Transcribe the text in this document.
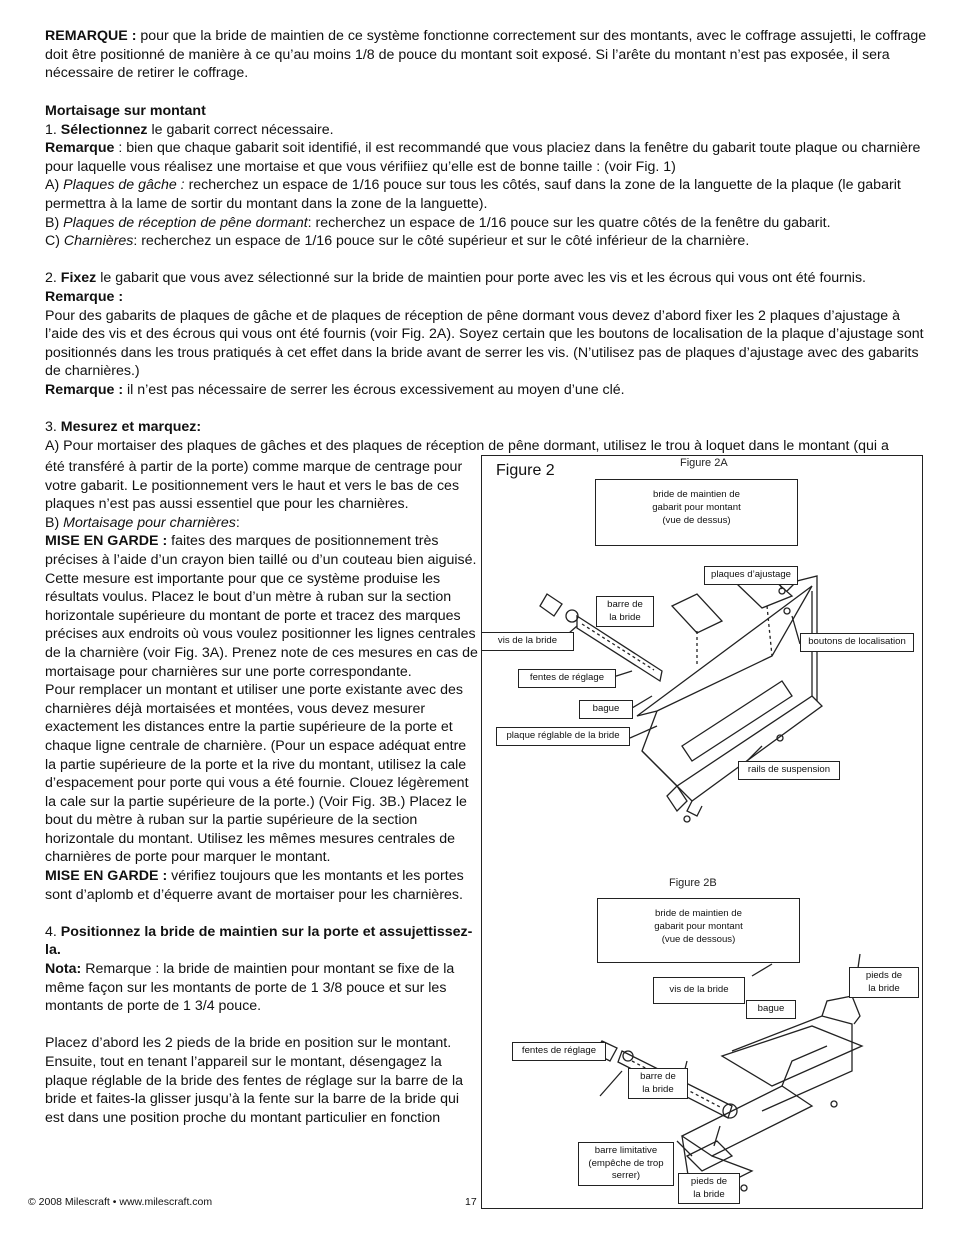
REMARQUE : pour que la bride de maintien de ce système fonctionne correctement sur des montants, avec le coffrage assujetti, le coffrage doit être positionné de manière à ce qu’au moins 1/8 de pouce du montant soit exposé. Si l’arête du montant n’est pas exposée, il sera nécessaire de retirer le coffrage.

Mortaisage sur montant
1. Sélectionnez le gabarit correct nécessaire.
Remarque : bien que chaque gabarit soit identifié, il est recommandé que vous placiez dans la fenêtre du gabarit toute plaque ou charnière pour laquelle vous réalisez une mortaise et que vous vérifiiez qu’elle est de bonne taille : (voir Fig. 1)
A) Plaques de gâche : recherchez un espace de 1/16 pouce sur tous les côtés, sauf dans la zone de la languette de la plaque (le gabarit permettra à la lame de sortir du montant dans la zone de la languette).
B) Plaques de réception de pêne dormant: recherchez un espace de 1/16 pouce sur les quatre côtés de la fenêtre du gabarit.
C) Charnières: recherchez un espace de 1/16 pouce sur le côté supérieur et sur le côté inférieur de la charnière.
2. Fixez le gabarit que vous avez sélectionné sur la bride de maintien pour porte avec les vis et les écrous qui vous ont été fournis.
Remarque :
Pour des gabarits de plaques de gâche et de plaques de réception de pêne dormant vous devez d’abord fixer les 2 plaques d’ajustage à l’aide des vis et des écrous qui vous ont été fournis (voir Fig. 2A). Soyez certain que les boutons de localisation de la plaque d’ajustage sont positionnés dans les trous pratiqués à cet effet dans la bride avant de serrer les vis. (N’utilisez pas de plaques d’ajustage avec des gabarits de charnières.)
Remarque : il n’est pas nécessaire de serrer les écrous excessivement au moyen d’une clé.
3. Mesurez et marquez:
A) Pour mortaiser des plaques de gâches et des plaques de réception de pêne dormant, utilisez le trou à loquet dans le montant (qui a
été transféré à partir de la porte) comme marque de centrage pour votre gabarit. Le positionnement vers le haut et vers le bas de ces plaques n’est pas aussi essentiel que pour les charnières.
B) Mortaisage pour charnières:
MISE EN GARDE : faites des marques de positionnement très précises à l’aide d’un crayon bien taillé ou d’un couteau bien aiguisé.
Cette mesure est importante pour que ce système produise les résultats voulus. Placez le bout d’un mètre à ruban sur la section horizontale supérieure du montant de porte et tracez des marques précises aux endroits où vous voulez positionner les lignes centrales de la charnière (voir Fig. 3A). Prenez note de ces mesures en cas de mortaisage pour charnières sur une porte correspondante.
Pour remplacer un montant et utiliser une porte existante avec des charnières déjà mortaisées et montées, vous devez mesurer exactement les distances entre la partie supérieure de la porte et chaque ligne centrale de charnière. (Pour un espace adéquat entre la partie supérieure de la porte et la rive du montant, utilisez la cale d’espacement pour porte qui vous a été fournie. Clouez légèrement la cale sur la partie supérieure de la porte.) (Voir Fig. 3B.) Placez le bout du mètre à ruban sur la partie supérieure de la section horizontale du montant. Utilisez les mêmes mesures centrales de charnières de porte pour marquer le montant.
MISE EN GARDE : vérifiez toujours que les montants et les portes sont d’aplomb et d’équerre avant de mortaiser pour les charnières.
4. Positionnez la bride de maintien sur la porte et assujettissez-la.
Nota: Remarque : la bride de maintien pour montant se fixe de la même façon sur les montants de porte de 1 3/8 pouce et sur les montants de porte de 1 3/4 pouce.
Placez d’abord les 2 pieds de la bride en position sur le montant. Ensuite, tout en tenant l’appareil sur le montant, désengagez la plaque réglable de la bride des fentes de réglage sur la barre de la bride et faites-la glisser jusqu’à la fente sur la barre de la bride qui est dans une position proche du montant particulier en fonction
Figure 2	Figure 2A
bride de maintien de
gabarit pour montant
(vue de dessus)
plaques d’ajustage
barre de
la bride
vis de la bride	boutons de localisation
fentes de réglage
bague
plaque réglable de la bride
rails de suspension
Figure 2B
bride de maintien de
gabarit pour montant
(vue de dessous)
pieds de
la bride
vis de la bride
bague
fentes de réglage
barre de
la bride
barre limitative
(empêche de trop
serrer)
pieds de
la bride
© 2008 Milescraft • www.milescraft.com	17
